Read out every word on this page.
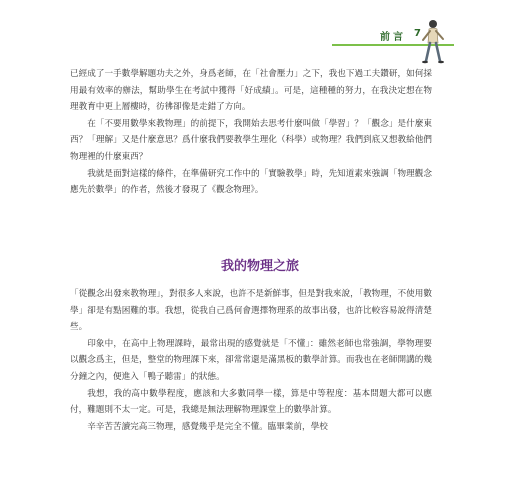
前言 7

已經成了一手數學解題功夫之外，身爲老師，在「社會壓力」之下，我也下過工夫鑽研，如何採用最有效率的辦法，幫助學生在考試中獲得「好成績」。可是，這種種的努力，在我決定想在物理教育中更上層樓時，彷彿卻像是走錯了方向。

在「不要用數學來教物理」的前提下，我開始去思考什麼叫做「學習」？「觀念」是什麼東西？「理解」又是什麼意思？爲什麼我們要教學生理化（科學）或物理？我們到底又想教給他們物理裡的什麼東西？

我就是面對這樣的條件，在準備研究工作中的「實驗教學」時，先知道素來強調「物理觀念應先於數學」的作者，然後才發現了《觀念物理》。

我的物理之旅

「從觀念出發來教物理」，對很多人來說，也許不是新鮮事，但是對我來說，「教物理，不使用數學」卻是有點困難的事。我想，從我自己爲何會選擇物理系的故事出發，也許比較容易說得清楚些。

印象中，在高中上物理課時，最常出現的感覺就是「不懂」：雖然老師也常強調，學物理要以觀念爲主，但是，整堂的物理課下來，卻常常還是滿黑板的數學計算。而我也在老師開講的幾分鐘之內，便進入「鴨子聽雷」的狀態。

我想，我的高中數學程度，應該和大多數同學一樣，算是中等程度：基本問題大都可以應付，難題則不太一定。可是，我總是無法理解物理課堂上的數學計算。

辛辛苦苦讀完高三物理，感覺幾乎是完全不懂。臨畢業前，學校
